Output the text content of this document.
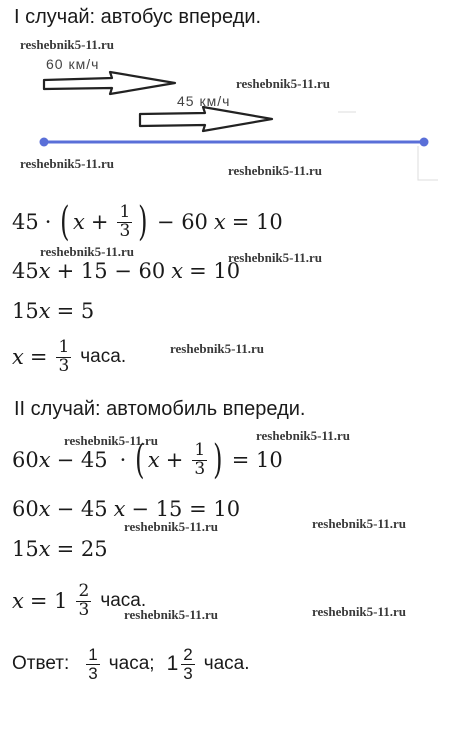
I случай: автобус впереди.
60 км/ч
45 км/ч
reshebnik5-11.ru
reshebnik5-11.ru
reshebnik5-11.ru	reshebnik5-11.ru
reshebnik5-11.ru	reshebnik5-11.ru
reshebnik5-11.ru
reshebnik5-11.ru	reshebnik5-11.ru
reshebnik5-11.ru	reshebnik5-11.ru
reshebnik5-11.ru	reshebnik5-11.ru
45 · ( $x + \frac{1}{3}$ ) − 60 x = 10
45 x + 15 − 60 x = 10
15 x = 5
$x = \frac{1}{3}$ часа.
II случай: автомобиль впереди.
60 x − 45 · ( $x + \frac{1}{3}$ ) = 10
60 x − 45 x − 15 = 10
15 x = 25
$x = 1 \frac{2}{3}$ часа.
Ответ: $\frac{1}{3}$ часа; $1 \frac{2}{3}$ часа.
